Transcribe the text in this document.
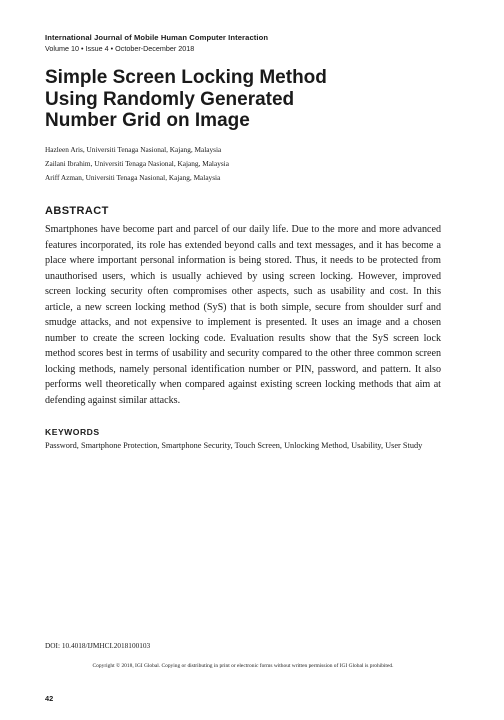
International Journal of Mobile Human Computer Interaction
Volume 10 • Issue 4 • October-December 2018
Simple Screen Locking Method
Using Randomly Generated
Number Grid on Image
Hazleen Aris, Universiti Tenaga Nasional, Kajang, Malaysia
Zailani Ibrahim, Universiti Tenaga Nasional, Kajang, Malaysia
Ariff Azman, Universiti Tenaga Nasional, Kajang, Malaysia
ABSTRACT

Smartphones have become part and parcel of our daily life. Due to the more and more advanced features incorporated, its role has extended beyond calls and text messages, and it has become a place where important personal information is being stored. Thus, it needs to be protected from unauthorised users, which is usually achieved by using screen locking. However, improved screen locking security often compromises other aspects, such as usability and cost. In this article, a new screen locking method (SyS) that is both simple, secure from shoulder surf and smudge attacks, and not expensive to implement is presented. It uses an image and a chosen number to create the screen locking code. Evaluation results show that the SyS screen lock method scores best in terms of usability and security compared to the other three common screen locking methods, namely personal identification number or PIN, password, and pattern. It also performs well theoretically when compared against existing screen locking methods that aim at defending against similar attacks.

KEYWORDS

Password, Smartphone Protection, Smartphone Security, Touch Screen, Unlocking Method, Usability, User Study

DOI: 10.4018/IJMHCI.2018100103
Copyright © 2018, IGI Global. Copying or distributing in print or electronic forms without written permission of IGI Global is prohibited.
42
